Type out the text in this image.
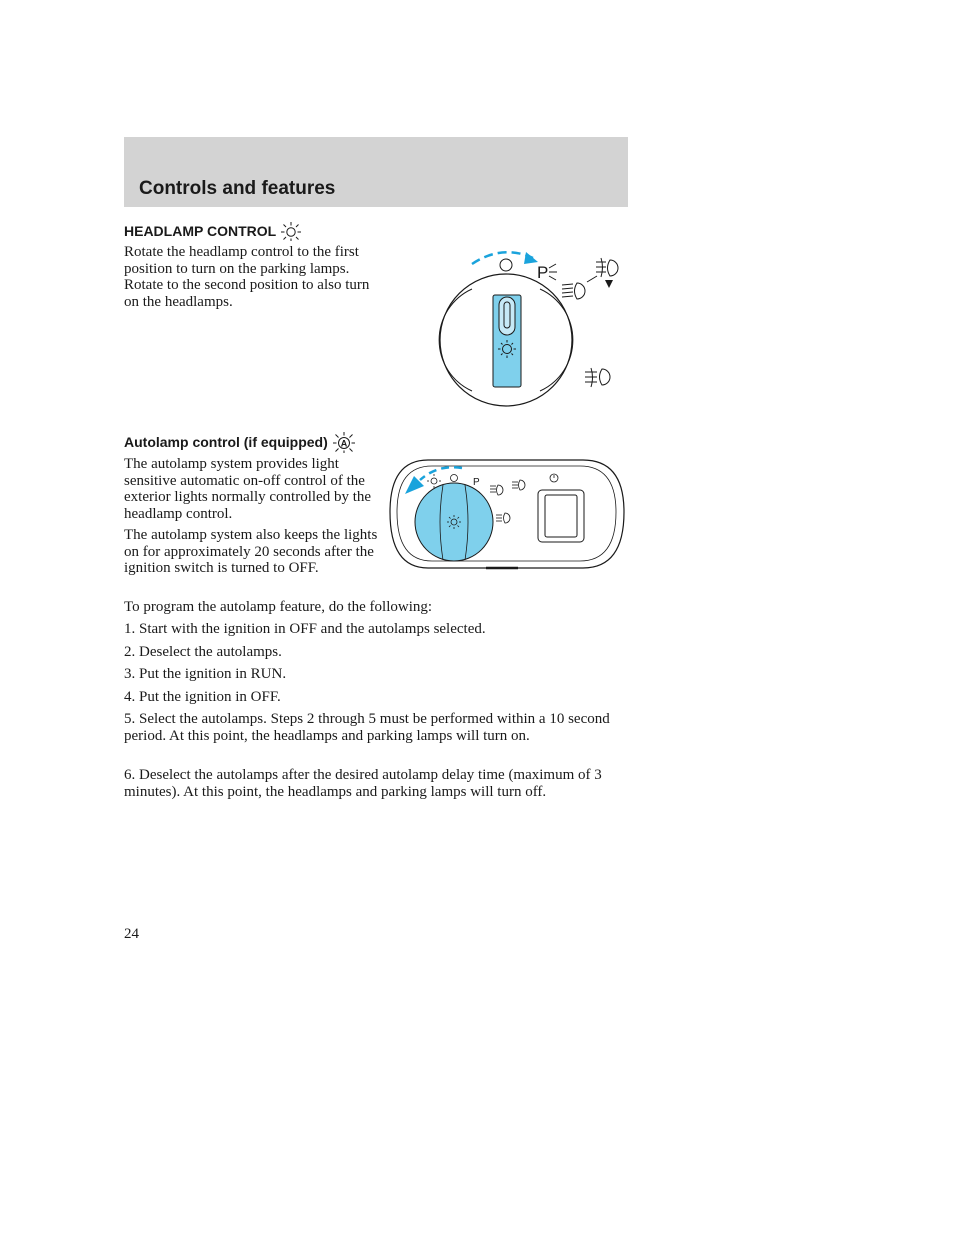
Controls and features
HEADLAMP CONTROL

Rotate the headlamp control to the first position to turn on the parking lamps. Rotate to the second position to also turn on the headlamps.

P
Autolamp control (if equipped) A

The autolamp system provides light sensitive automatic on-off control of the exterior lights normally controlled by the headlamp control.

The autolamp system also keeps the lights on for approximately 20 seconds after the ignition switch is turned to OFF.

P

To program the autolamp feature, do the following:

1. Start with the ignition in OFF and the autolamps selected.

2. Deselect the autolamps.

3. Put the ignition in RUN.

4. Put the ignition in OFF.

5. Select the autolamps. Steps 2 through 5 must be performed within a 10 second period. At this point, the headlamps and parking lamps will turn on.

6. Deselect the autolamps after the desired autolamp delay time (maximum of 3 minutes). At this point, the headlamps and parking lamps will turn off.

24
